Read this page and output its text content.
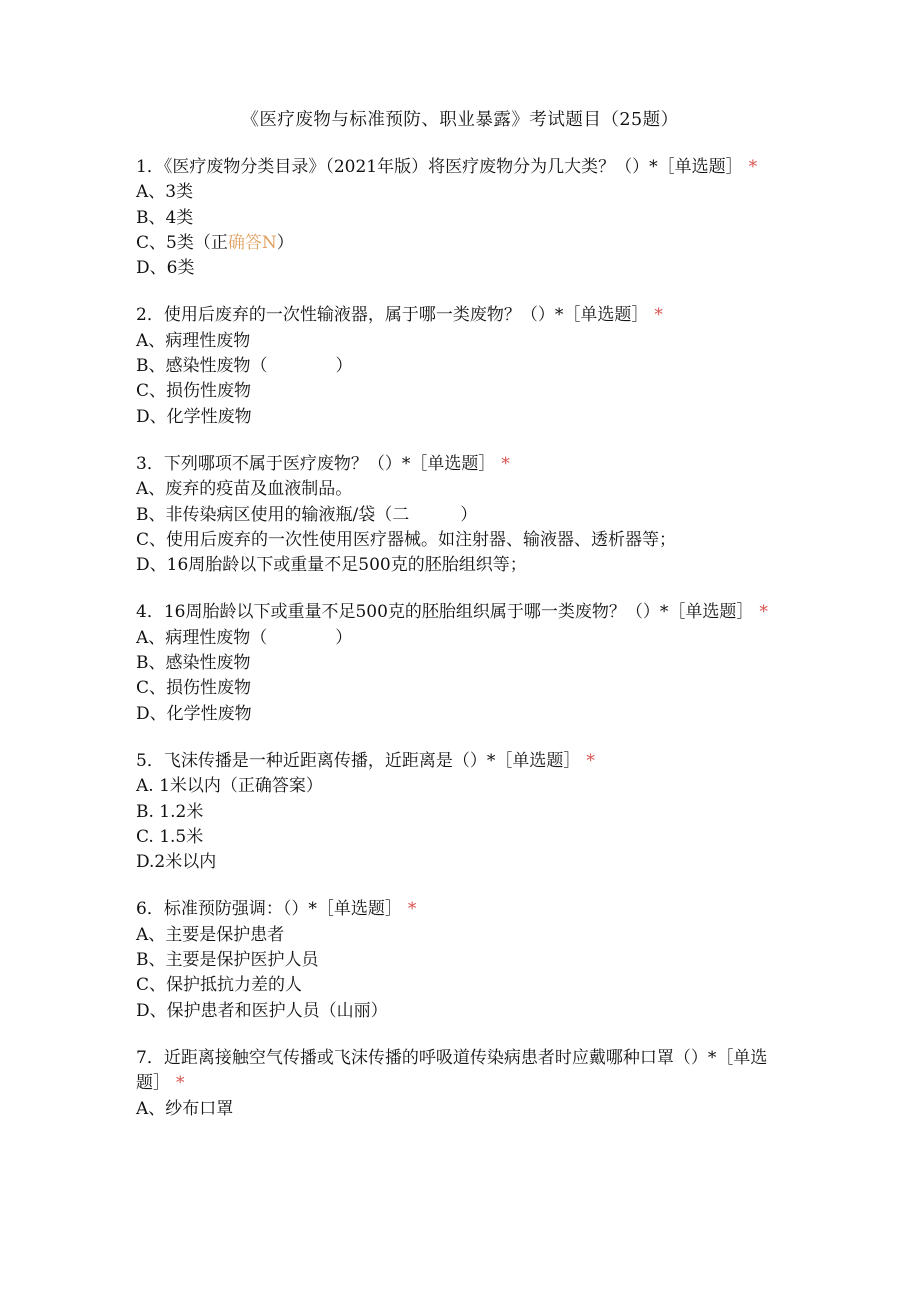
《医疗废物与标准预防、职业暴露》考试题目（25题）
1．《医疗废物分类目录》（2021年版）将医疗废物分为几大类？（）*［单选题］ *
A、3类
B、4类
C、5类（正确答N）
D、6类
2．使用后废弃的一次性输液器，属于哪一类废物？（）*［单选题］ *
A、病理性废物
B、感染性废物（　　　　）
C、损伤性废物
D、化学性废物
3．下列哪项不属于医疗废物？（）*［单选题］ *
A、废弃的疫苗及血液制品。
B、非传染病区使用的输液瓶/袋（二　　　）
C、使用后废弃的一次性使用医疗器械。如注射器、输液器、透析器等；
D、16周胎龄以下或重量不足500克的胚胎组织等；
4．16周胎龄以下或重量不足500克的胚胎组织属于哪一类废物？（）*［单选题］ *
A、病理性废物（　　　　）
B、感染性废物
C、损伤性废物
D、化学性废物
5．飞沫传播是一种近距离传播，近距离是（）*［单选题］ *
A. 1米以内（正确答案）
B. 1.2米
C. 1.5米
D.2米以内
6．标准预防强调：（）*［单选题］ *
A、主要是保护患者
B、主要是保护医护人员
C、保护抵抗力差的人
D、保护患者和医护人员（山丽）
7．近距离接触空气传播或飞沫传播的呼吸道传染病患者时应戴哪种口罩（）*［单选题］ *
A、纱布口罩
